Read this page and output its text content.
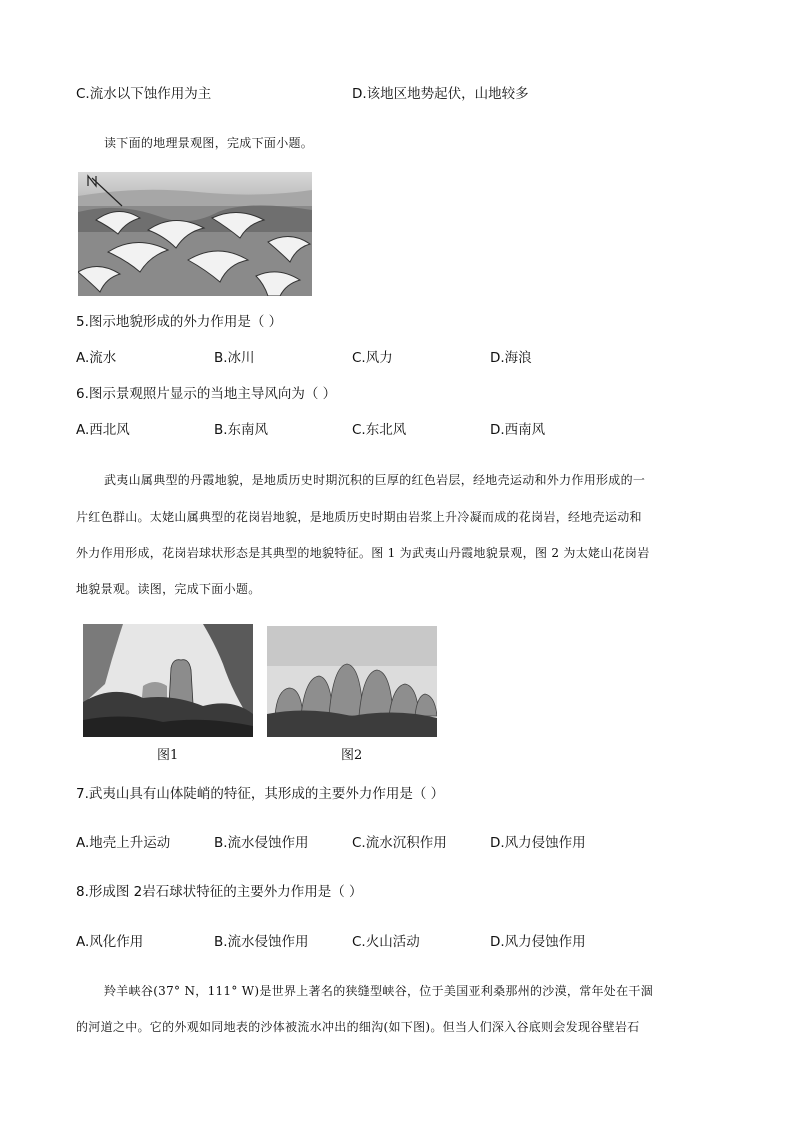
C.流水以下蚀作用为主	D.该地区地势起伏，山地较多
读下面的地理景观图，完成下面小题。
5.图示地貌形成的外力作用是（ ）
A.流水	B.冰川	C.风力	D.海浪
6.图示景观照片显示的当地主导风向为（ ）
A.西北风	B.东南风	C.东北风	D.西南风
武夷山属典型的丹霞地貌，是地质历史时期沉积的巨厚的红色岩层，经地壳运动和外力作用形成的一
片红色群山。太姥山属典型的花岗岩地貌，是地质历史时期由岩浆上升冷凝而成的花岗岩，经地壳运动和
外力作用形成，花岗岩球状形态是其典型的地貌特征。图 1 为武夷山丹霞地貌景观，图 2 为太姥山花岗岩
地貌景观。读图，完成下面小题。
图1	图2
7.武夷山具有山体陡峭的特征，其形成的主要外力作用是（ ）
A.地壳上升运动	B.流水侵蚀作用	C.流水沉积作用	D.风力侵蚀作用
8.形成图 2岩石球状特征的主要外力作用是（ ）
A.风化作用	B.流水侵蚀作用	C.火山活动	D.风力侵蚀作用
羚羊峡谷(37° N，111° W)是世界上著名的狭缝型峡谷，位于美国亚利桑那州的沙漠，常年处在干涸
的河道之中。它的外观如同地表的沙体被流水冲出的细沟(如下图)。但当人们深入谷底则会发现谷壁岩石
